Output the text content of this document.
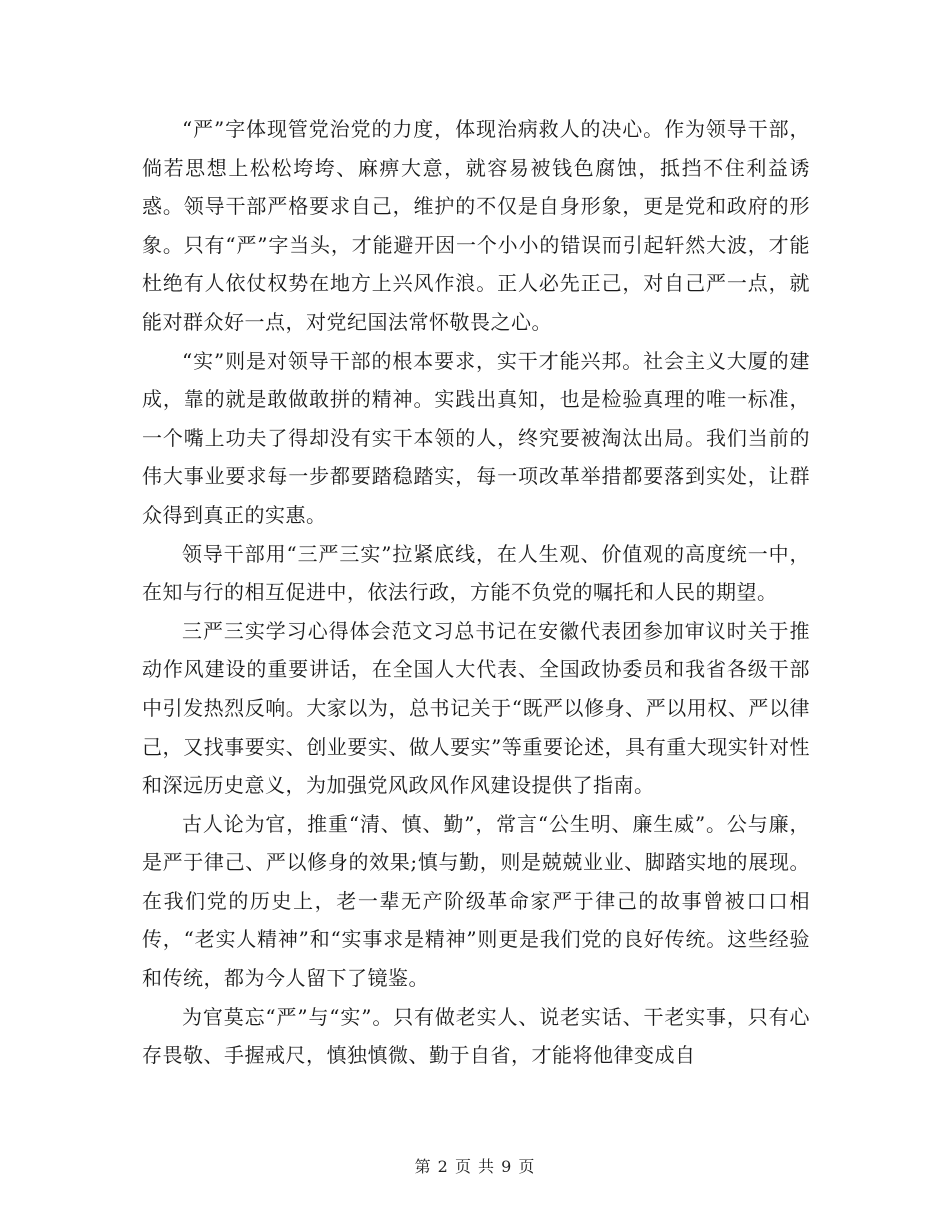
“严”字体现管党治党的力度，体现治病救人的决心。作为领导干部，倘若思想上松松垮垮、麻痹大意，就容易被钱色腐蚀，抵挡不住利益诱惑。领导干部严格要求自己，维护的不仅是自身形象，更是党和政府的形象。只有“严”字当头，才能避开因一个小小的错误而引起轩然大波，才能杜绝有人依仗权势在地方上兴风作浪。正人必先正己，对自己严一点，就能对群众好一点，对党纪国法常怀敬畏之心。

“实”则是对领导干部的根本要求，实干才能兴邦。社会主义大厦的建成，靠的就是敢做敢拼的精神。实践出真知，也是检验真理的唯一标准，一个嘴上功夫了得却没有实干本领的人，终究要被淘汰出局。我们当前的伟大事业要求每一步都要踏稳踏实，每一项改革举措都要落到实处，让群众得到真正的实惠。

领导干部用“三严三实”拉紧底线，在人生观、价值观的高度统一中，在知与行的相互促进中，依法行政，方能不负党的嘱托和人民的期望。

三严三实学习心得体会范文习总书记在安徽代表团参加审议时关于推动作风建设的重要讲话，在全国人大代表、全国政协委员和我省各级干部中引发热烈反响。大家以为，总书记关于“既严以修身、严以用权、严以律己，又找事要实、创业要实、做人要实”等重要论述，具有重大现实针对性和深远历史意义，为加强党风政风作风建设提供了指南。

古人论为官，推重“清、慎、勤”，常言“公生明、廉生威”。公与廉，是严于律己、严以修身的效果;慎与勤，则是兢兢业业、脚踏实地的展现。在我们党的历史上，老一辈无产阶级革命家严于律己的故事曾被口口相传，“老实人精神”和“实事求是精神”则更是我们党的良好传统。这些经验和传统，都为今人留下了镜鉴。

为官莫忘“严”与“实”。只有做老实人、说老实话、干老实事，只有心存畏敬、手握戒尺，慎独慎微、勤于自省，才能将他律变成自

第 2 页 共 9 页
